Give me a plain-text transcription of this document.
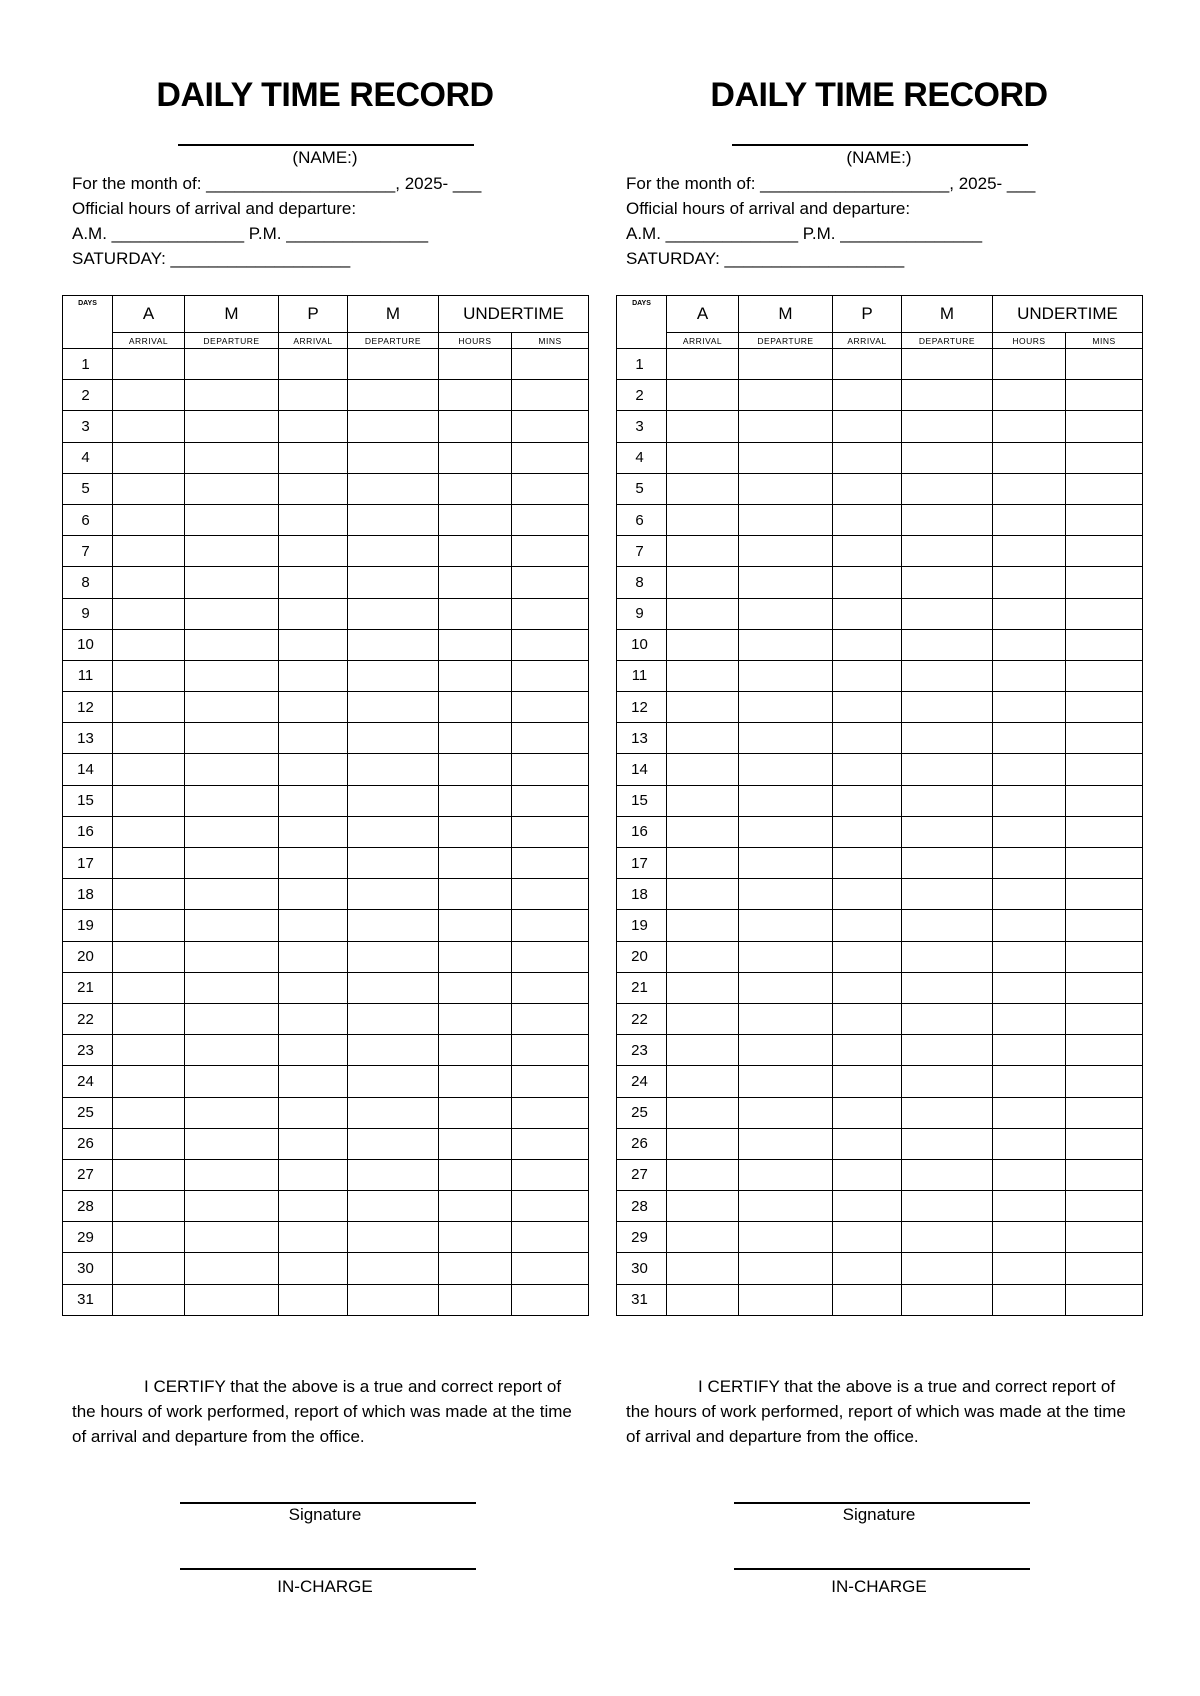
DAILY TIME RECORD
(NAME:)
For the month of: ____________________, 2025- ___
Official hours of arrival and departure:
A.M. ______________ P.M. _______________
SATURDAY: ___________________
DAYS	A	M	P	M	UNDERTIME	
	ARRIVAL	DEPARTURE	ARRIVAL	DEPARTURE	HOURS	MINS
1						
2						
3						
4						
5						
6						
7						
8						
9						
10						
11						
12						
13						
14						
15						
16						
17						
18						
19						
20						
21						
22						
23						
24						
25						
26						
27						
28						
29						
30						
31						
I CERTIFY that the above is a true and correct report of the hours of work performed, report of which was made at the time of arrival and departure from the office.
Signature
IN-CHARGE
DAILY TIME RECORD
(NAME:)
For the month of: ____________________, 2025- ___
Official hours of arrival and departure:
A.M. ______________ P.M. _______________
SATURDAY: ___________________
DAYS	A	M	P	M	UNDERTIME	
	ARRIVAL	DEPARTURE	ARRIVAL	DEPARTURE	HOURS	MINS
1						
2						
3						
4						
5						
6						
7						
8						
9						
10						
11						
12						
13						
14						
15						
16						
17						
18						
19						
20						
21						
22						
23						
24						
25						
26						
27						
28						
29						
30						
31						
I CERTIFY that the above is a true and correct report of the hours of work performed, report of which was made at the time of arrival and departure from the office.
Signature
IN-CHARGE
